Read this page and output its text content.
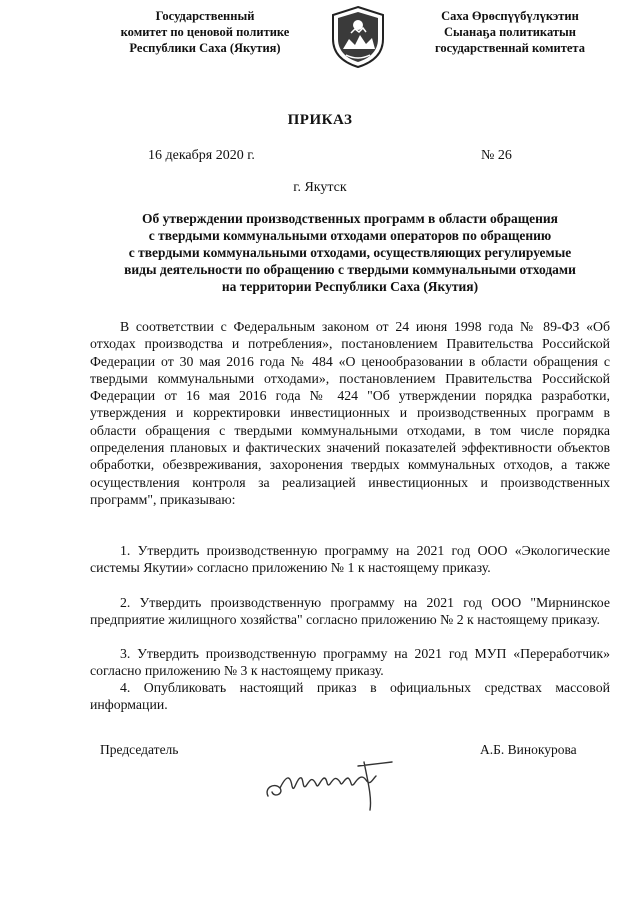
Государственный
комитет по ценовой политике
Республики Саха (Якутия)
Саха Өрөспүүбүлүкэтин
Сыанаҕа политикатын
государственнай комитета
ПРИКАЗ
16 декабря 2020 г.	№ 26
г. Якутск
Об утверждении производственных программ в области обращения
с твердыми коммунальными отходами операторов по обращению
с твердыми коммунальными отходами, осуществляющих регулируемые
виды деятельности по обращению с твердыми коммунальными отходами
на территории Республики Саха (Якутия)
В соответствии с Федеральным законом от 24 июня 1998 года № 89-ФЗ «Об отходах производства и потребления», постановлением Правительства Российской Федерации от 30 мая 2016 года № 484 «О ценообразовании в области обращения с твердыми коммунальными отходами», постановлением Правительства Российской Федерации от 16 мая 2016 года № 424 "Об утверждении порядка разработки, утверждения и корректировки инвестиционных и производственных программ в области обращения с твердыми коммунальными отходами, в том числе порядка определения плановых и фактических значений показателей эффективности объектов обработки, обезвреживания, захоронения твердых коммунальных отходов, а также осуществления контроля за реализацией инвестиционных и производственных программ", приказываю:
1. Утвердить производственную программу на 2021 год ООО «Экологические системы Якутии» согласно приложению № 1 к настоящему приказу.
2. Утвердить производственную программу на 2021 год ООО "Мирнинское предприятие жилищного хозяйства" согласно приложению № 2 к настоящему приказу.
3. Утвердить производственную программу на 2021 год МУП «Переработчик» согласно приложению № 3 к настоящему приказу.
4. Опубликовать настоящий приказ в официальных средствах массовой информации.
Председатель	А.Б. Винокурова
